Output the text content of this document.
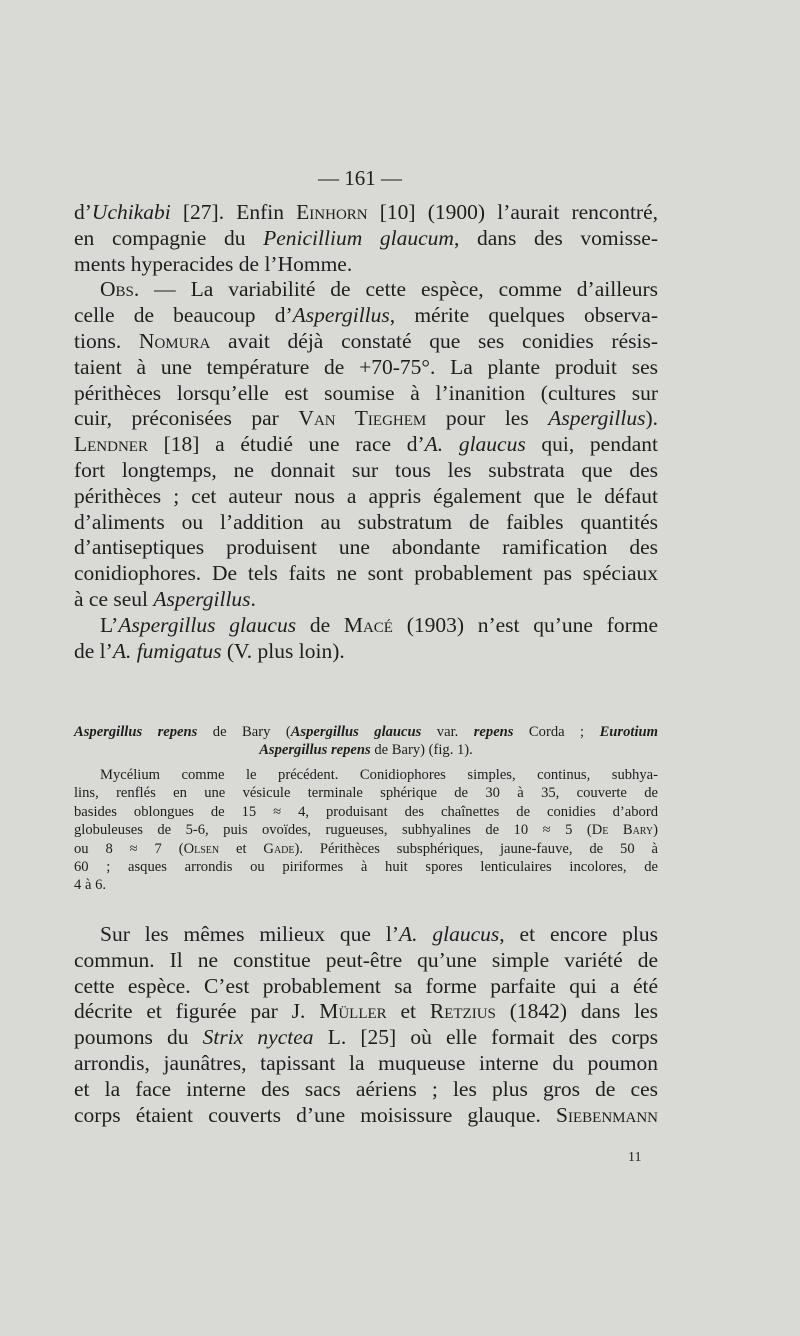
— 161 —
d’Uchikabi [27]. Enfin Einhorn [10] (1900) l’aurait rencontré,
en compagnie du Penicillium glaucum, dans des vomisse-
ments hyperacides de l’Homme.
Obs. — La variabilité de cette espèce, comme d’ailleurs
celle de beaucoup d’Aspergillus, mérite quelques observa-
tions. Nomura avait déjà constaté que ses conidies résis-
taient à une température de +70-75°. La plante produit ses
périthèces lorsqu’elle est soumise à l’inanition (cultures sur
cuir, préconisées par Van Tieghem pour les Aspergillus).
Lendner [18] a étudié une race d’A. glaucus qui, pendant
fort longtemps, ne donnait sur tous les substrata que des
périthèces ; cet auteur nous a appris également que le défaut
d’aliments ou l’addition au substratum de faibles quantités
d’antiseptiques produisent une abondante ramification des
conidiophores. De tels faits ne sont probablement pas spéciaux
à ce seul Aspergillus.
L’Aspergillus glaucus de Macé (1903) n’est qu’une forme
de l’A. fumigatus (V. plus loin).
Aspergillus repens de Bary (Aspergillus glaucus var. repens Corda ; Eurotium
Aspergillus repens de Bary) (fig. 1).
Mycélium comme le précédent. Conidiophores simples, continus, subhya-
lins, renflés en une vésicule terminale sphérique de 30 à 35, couverte de
basides oblongues de 15 ≈ 4, produisant des chaînettes de conidies d’abord
globuleuses de 5-6, puis ovoïdes, rugueuses, subhyalines de 10 ≈ 5 (De Bary)
ou 8 ≈ 7 (Olsen et Gade). Périthèces subsphériques, jaune-fauve, de 50 à
60 ; asques arrondis ou piriformes à huit spores lenticulaires incolores, de
4 à 6.
Sur les mêmes milieux que l’A. glaucus, et encore plus
commun. Il ne constitue peut-être qu’une simple variété de
cette espèce. C’est probablement sa forme parfaite qui a été
décrite et figurée par J. Müller et Retzius (1842) dans les
poumons du Strix nyctea L. [25] où elle formait des corps
arrondis, jaunâtres, tapissant la muqueuse interne du poumon
et la face interne des sacs aériens ; les plus gros de ces
corps étaient couverts d’une moisissure glauque. Siebenmann
11
